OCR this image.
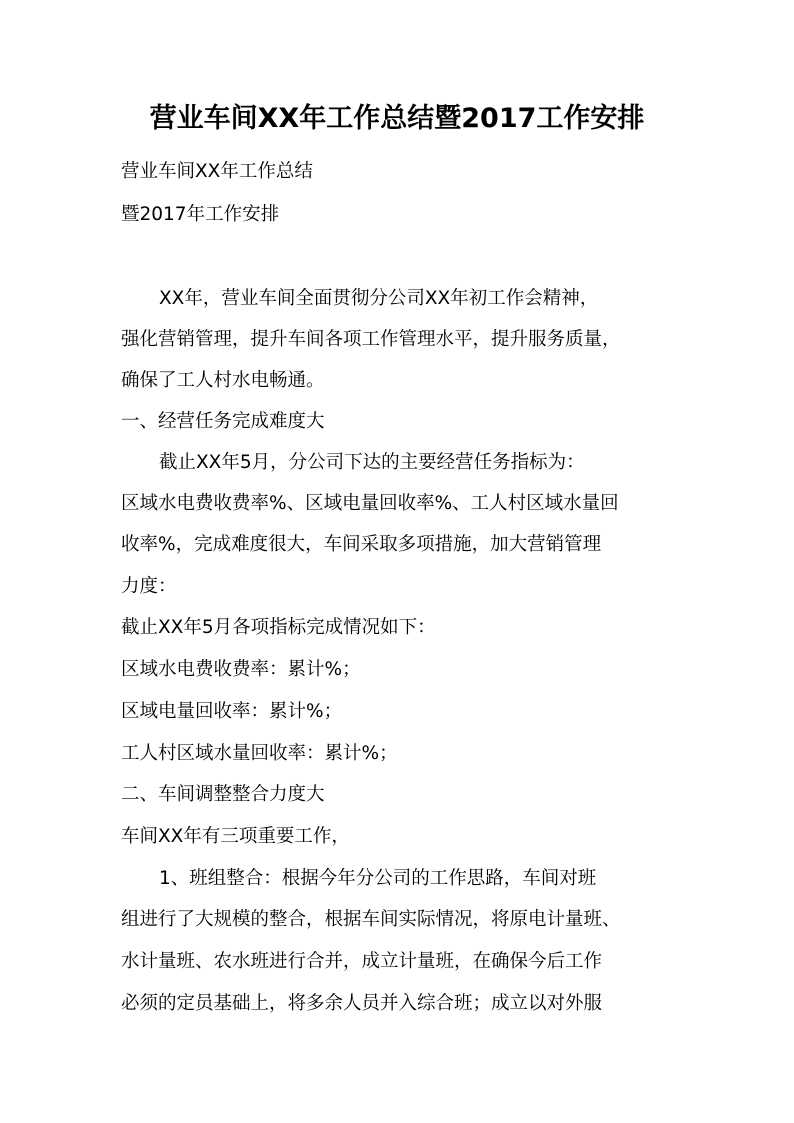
营业车间XX年工作总结暨2017工作安排
营业车间XX年工作总结
暨2017年工作安排
XX年，营业车间全面贯彻分公司XX年初工作会精神，
强化营销管理，提升车间各项工作管理水平，提升服务质量，
确保了工人村水电畅通。
一、经营任务完成难度大
截止XX年5月，分公司下达的主要经营任务指标为：
区域水电费收费率%、区域电量回收率%、工人村区域水量回
收率%，完成难度很大，车间采取多项措施，加大营销管理
力度：
截止XX年5月各项指标完成情况如下：
区域水电费收费率：累计%；
区域电量回收率：累计%；
工人村区域水量回收率：累计%；
二、车间调整整合力度大
车间XX年有三项重要工作，
1、班组整合：根据今年分公司的工作思路，车间对班
组进行了大规模的整合，根据车间实际情况，将原电计量班、
水计量班、农水班进行合并，成立计量班，在确保今后工作
必须的定员基础上，将多余人员并入综合班；成立以对外服
